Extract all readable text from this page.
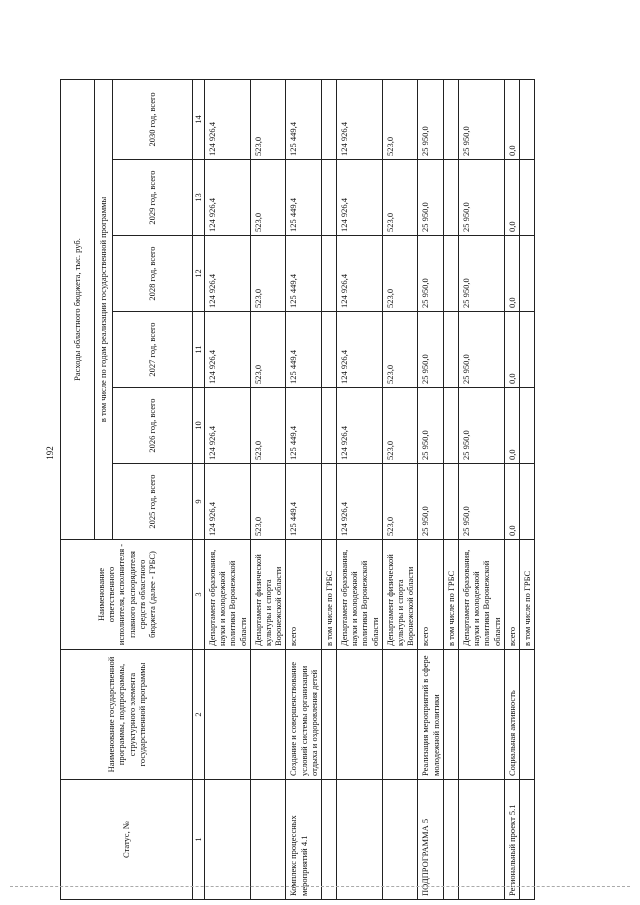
192
Статус, №	Наименование государственной программы, подпрограммы, структурного элемента государственной программы	Наименование ответственного исполнителя, исполнителя - главного распорядителя средств областного бюджета (далее - ГРБС)	Расходы областного бюджета, тыс. руб.					
			в том числе по годам реализации государственной программы					
			2025 год, всего	2026 год, всего	2027 год, всего	2028 год, всего	2029 год, всего	2030 год, всего
1	2	3	9	10	11	12	13	14
		Департамент образования, науки и молодежной политики Воронежской области	124 926,4	124 926,4	124 926,4	124 926,4	124 926,4	124 926,4
		Департамент физической культуры и спорта Воронежской области	523,0	523,0	523,0	523,0	523,0	523,0
Комплекс процессных мероприятий 4.1	Создание и совершенствование условий системы организации отдыха и оздоровления детей	всего	125 449,4	125 449,4	125 449,4	125 449,4	125 449,4	125 449,4
		в том числе по ГРБС						
		Департамент образования, науки и молодежной политики Воронежской области	124 926,4	124 926,4	124 926,4	124 926,4	124 926,4	124 926,4
		Департамент физической культуры и спорта Воронежской области	523,0	523,0	523,0	523,0	523,0	523,0
ПОДПРОГРАММА 5	Реализация мероприятий в сфере молодежной политики	всего	25 950,0	25 950,0	25 950,0	25 950,0	25 950,0	25 950,0
		в том числе по ГРБС						
		Департамент образования, науки и молодежной политики Воронежской области	25 950,0	25 950,0	25 950,0	25 950,0	25 950,0	25 950,0
Региональный проект 5.1	Социальная активность	всего	0,0	0,0	0,0	0,0	0,0	0,0
		в том числе по ГРБС						
